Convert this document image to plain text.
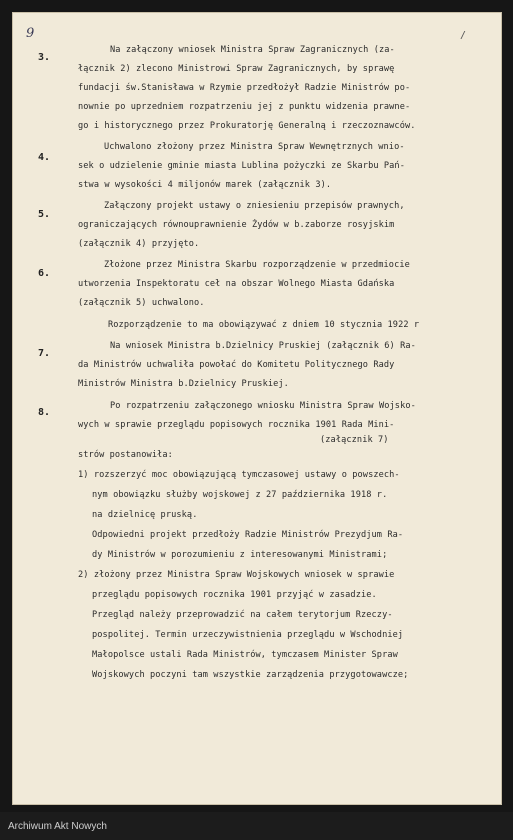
9	/
3.
4.
5.
6.
7.
8.
Na załączony wniosek Ministra Spraw Zagranicznych (za-
łącznik 2) zlecono Ministrowi Spraw Zagranicznych, by sprawę
fundacji św.Stanisława w Rzymie przedłożył Radzie Ministrów po-
nownie po uprzedniem rozpatrzeniu jej z punktu widzenia prawne-
go i historycznego przez Prokuratorję Generalną i rzeczoznawców.
Uchwalono złożony przez Ministra Spraw Wewnętrznych wnio-
sek o udzielenie gminie miasta Lublina pożyczki ze Skarbu Pań-
stwa w wysokości 4 miljonów marek (załącznik 3).
Załączony projekt ustawy o zniesieniu przepisów prawnych,
ograniczających równouprawnienie Żydów w b.zaborze rosyjskim
(załącznik 4) przyjęto.
Złożone przez Ministra Skarbu rozporządzenie w przedmiocie
utworzenia Inspektoratu ceł na obszar Wolnego Miasta Gdańska
(załącznik 5) uchwalono.
Rozporządzenie to ma obowiązywać z dniem 10 stycznia 1922 r
Na wniosek Ministra b.Dzielnicy Pruskiej (załącznik 6) Ra-
da Ministrów uchwaliła powołać do Komitetu Politycznego Rady
Ministrów Ministra b.Dzielnicy Pruskiej.
Po rozpatrzeniu załączonego wniosku Ministra Spraw Wojsko-
wych w sprawie przeglądu popisowych rocznika 1901 Rada Mini-
(załącznik 7)
strów postanowiła:
1) rozszerzyć moc obowiązującą tymczasowej ustawy o powszech-
nym obowiązku służby wojskowej z 27 października 1918 r.
na dzielnicę pruską.
Odpowiedni projekt przedłoży Radzie Ministrów Prezydjum Ra-
dy Ministrów w porozumieniu z interesowanymi Ministrami;
2) złożony przez Ministra Spraw Wojskowych wniosek w sprawie
przeglądu popisowych rocznika 1901 przyjąć w zasadzie.
Przegląd należy przeprowadzić na całem terytorjum Rzeczy-
pospolitej. Termin urzeczywistnienia przeglądu w Wschodniej
Małopolsce ustali Rada Ministrów, tymczasem Minister Spraw
Wojskowych poczyni tam wszystkie zarządzenia przygotowawcze;
Archiwum Akt Nowych
